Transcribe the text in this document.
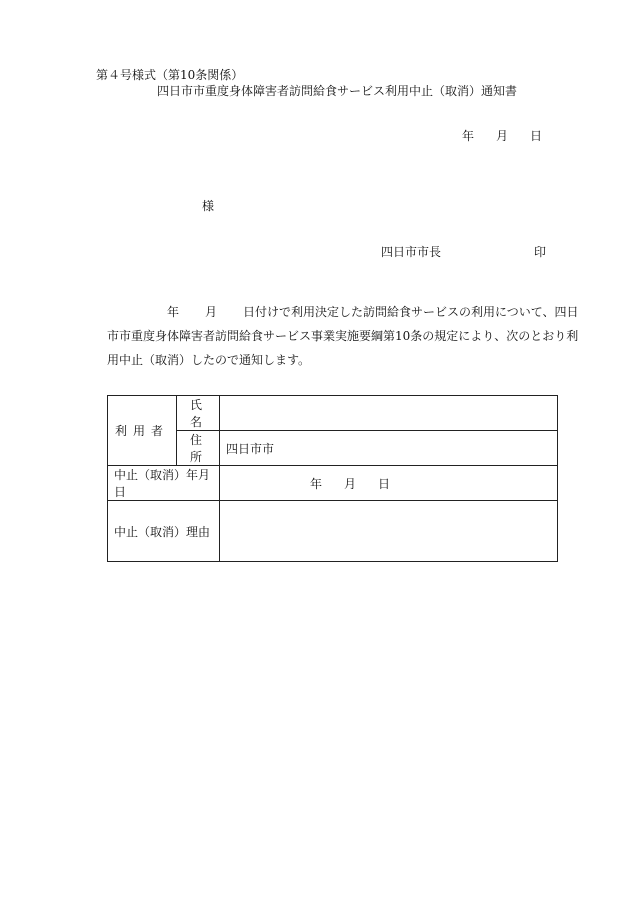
第４号様式（第10条関係）
四日市市重度身体障害者訪問給食サービス利用中止（取消）通知書
年 月 日
様
四日市市長	印
年 月 日付けで利用決定した訪問給食サービスの利用について、四日
市市重度身体障害者訪問給食サービス事業実施要綱第10条の規定により、次のとおり利
用中止（取消）したので通知します。
利用者	氏名	
	住所	四日市市
中止（取消）年月日		年 月 日
中止（取消）理由		
